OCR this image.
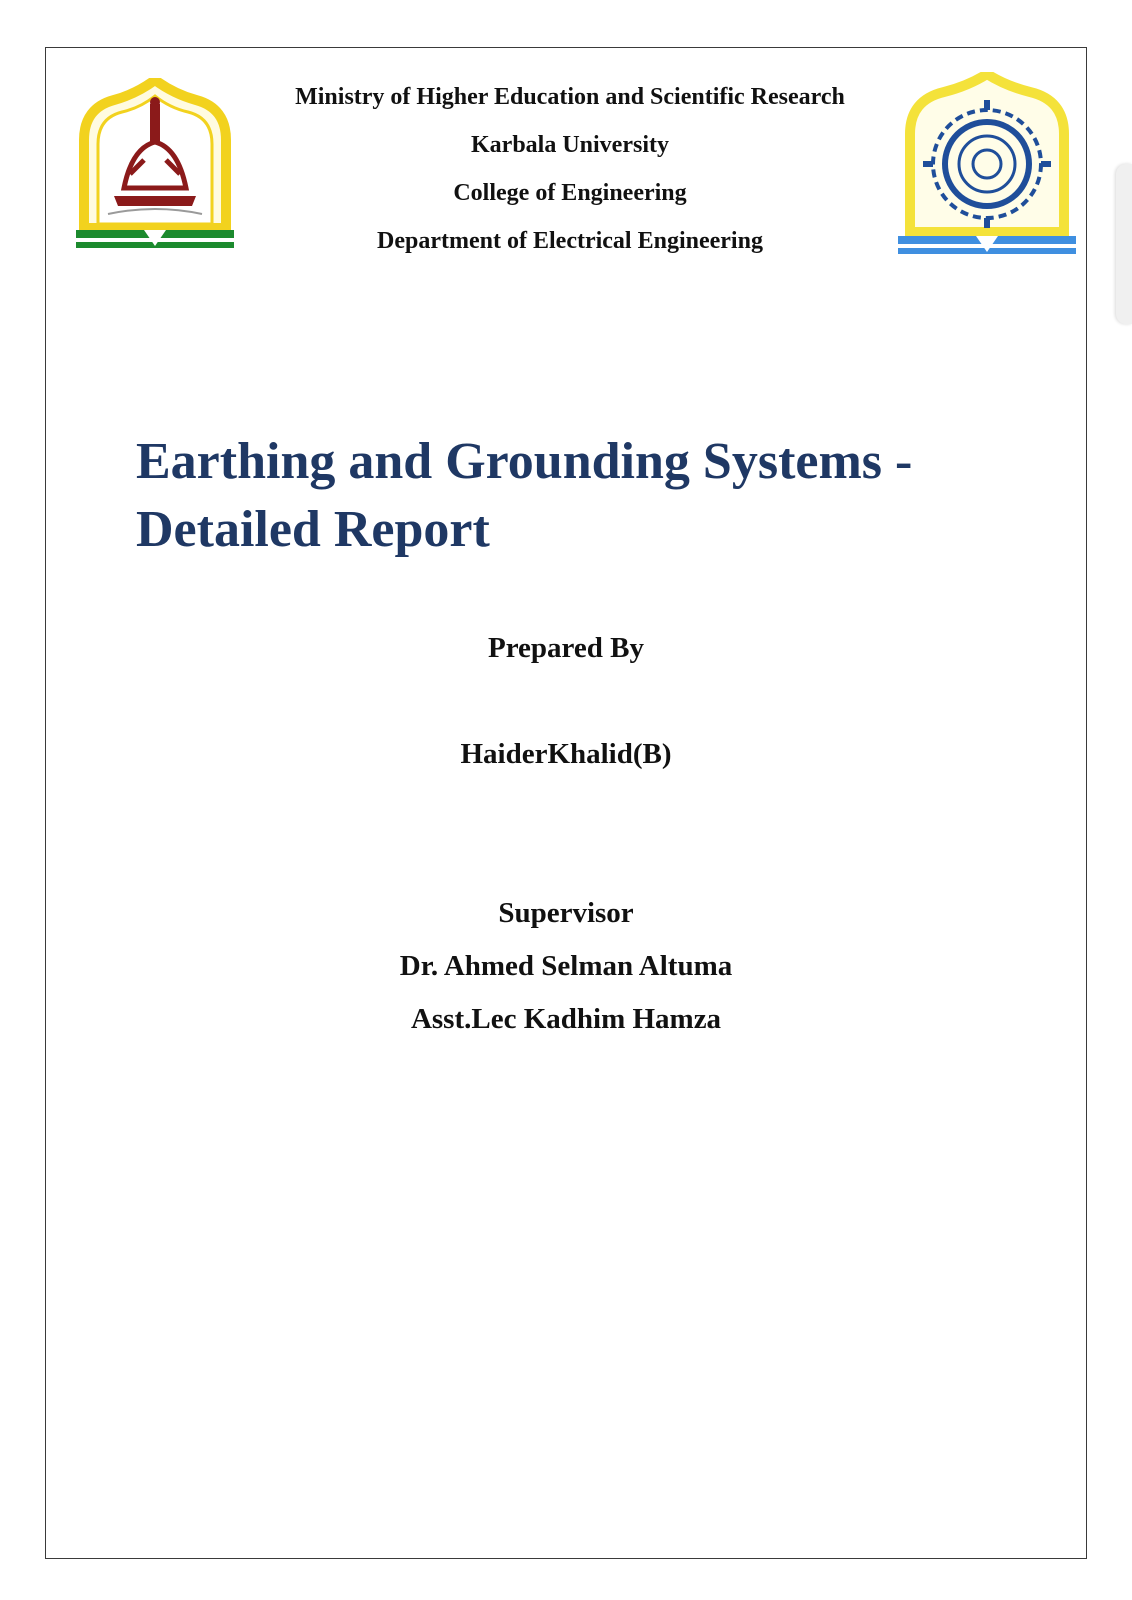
Ministry of Higher Education and Scientific Research
Karbala University
College of Engineering
Department of Electrical Engineering
Earthing and Grounding Systems -
Detailed Report
Prepared By
HaiderKhalid(B)
Supervisor
Dr. Ahmed Selman Altuma
Asst.Lec Kadhim Hamza
